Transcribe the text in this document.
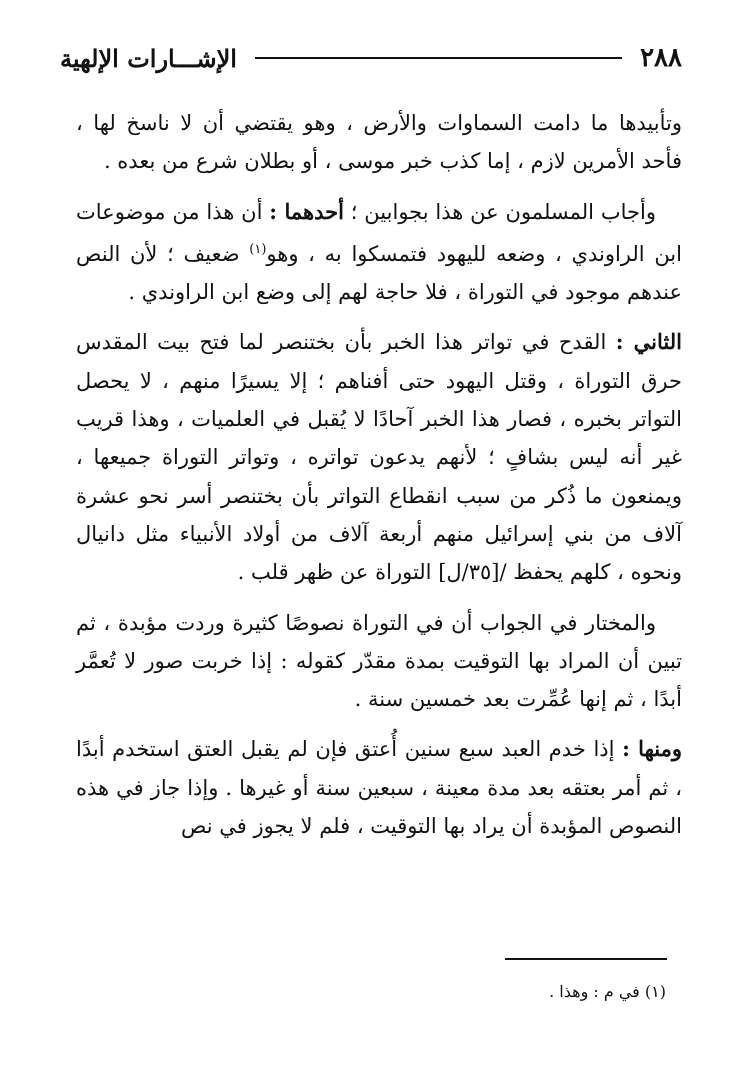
٢٨٨
الإشـــارات الإلهية

وتأبيدها ما دامت السماوات والأرض ، وهو يقتضي أن لا ناسخ لها ، فأحد الأمرين لازم ، إما كذب خبر موسى ، أو بطلان شرع من بعده .

وأجاب المسلمون عن هذا بجوابين ؛ أحدهما : أن هذا من موضوعات ابن الراوندي ، وضعه لليهود فتمسكوا به ، وهو$^{(١)}$ ضعيف ؛ لأن النص عندهم موجود في التوراة ، فلا حاجة لهم إلى وضع ابن الراوندي .

الثاني : القدح في تواتر هذا الخبر بأن بختنصر لما فتح بيت المقدس حرق التوراة ، وقتل اليهود حتى أفناهم ؛ إلا يسيرًا منهم ، لا يحصل التواتر بخبره ، فصار هذا الخبر آحادًا لا يُقبل في العلميات ، وهذا قريب غير أنه ليس بشافٍ ؛ لأنهم يدعون تواتره ، وتواتر التوراة جميعها ، ويمنعون ما ذُكر من سبب انقطاع التواتر بأن بختنصر أسر نحو عشرة آلاف من بني إسرائيل منهم أربعة آلاف من أولاد الأنبياء مثل دانيال ونحوه ، كلهم يحفظ /[٣٥/ل] التوراة عن ظهر قلب .

والمختار في الجواب أن في التوراة نصوصًا كثيرة وردت مؤبدة ، ثم تبين أن المراد بها التوقيت بمدة مقدّر كقوله : إذا خربت صور لا تُعمَّر أبدًا ، ثم إنها عُمِّرت بعد خمسين سنة .

ومنها : إذا خدم العبد سبع سنين أُعتق فإن لم يقبل العتق استخدم أبدًا ، ثم أمر بعتقه بعد مدة معينة ، سبعين سنة أو غيرها . وإذا جاز في هذه النصوص المؤبدة أن يراد بها التوقيت ، فلم لا يجوز في نص

(١) في م : وهذا .
